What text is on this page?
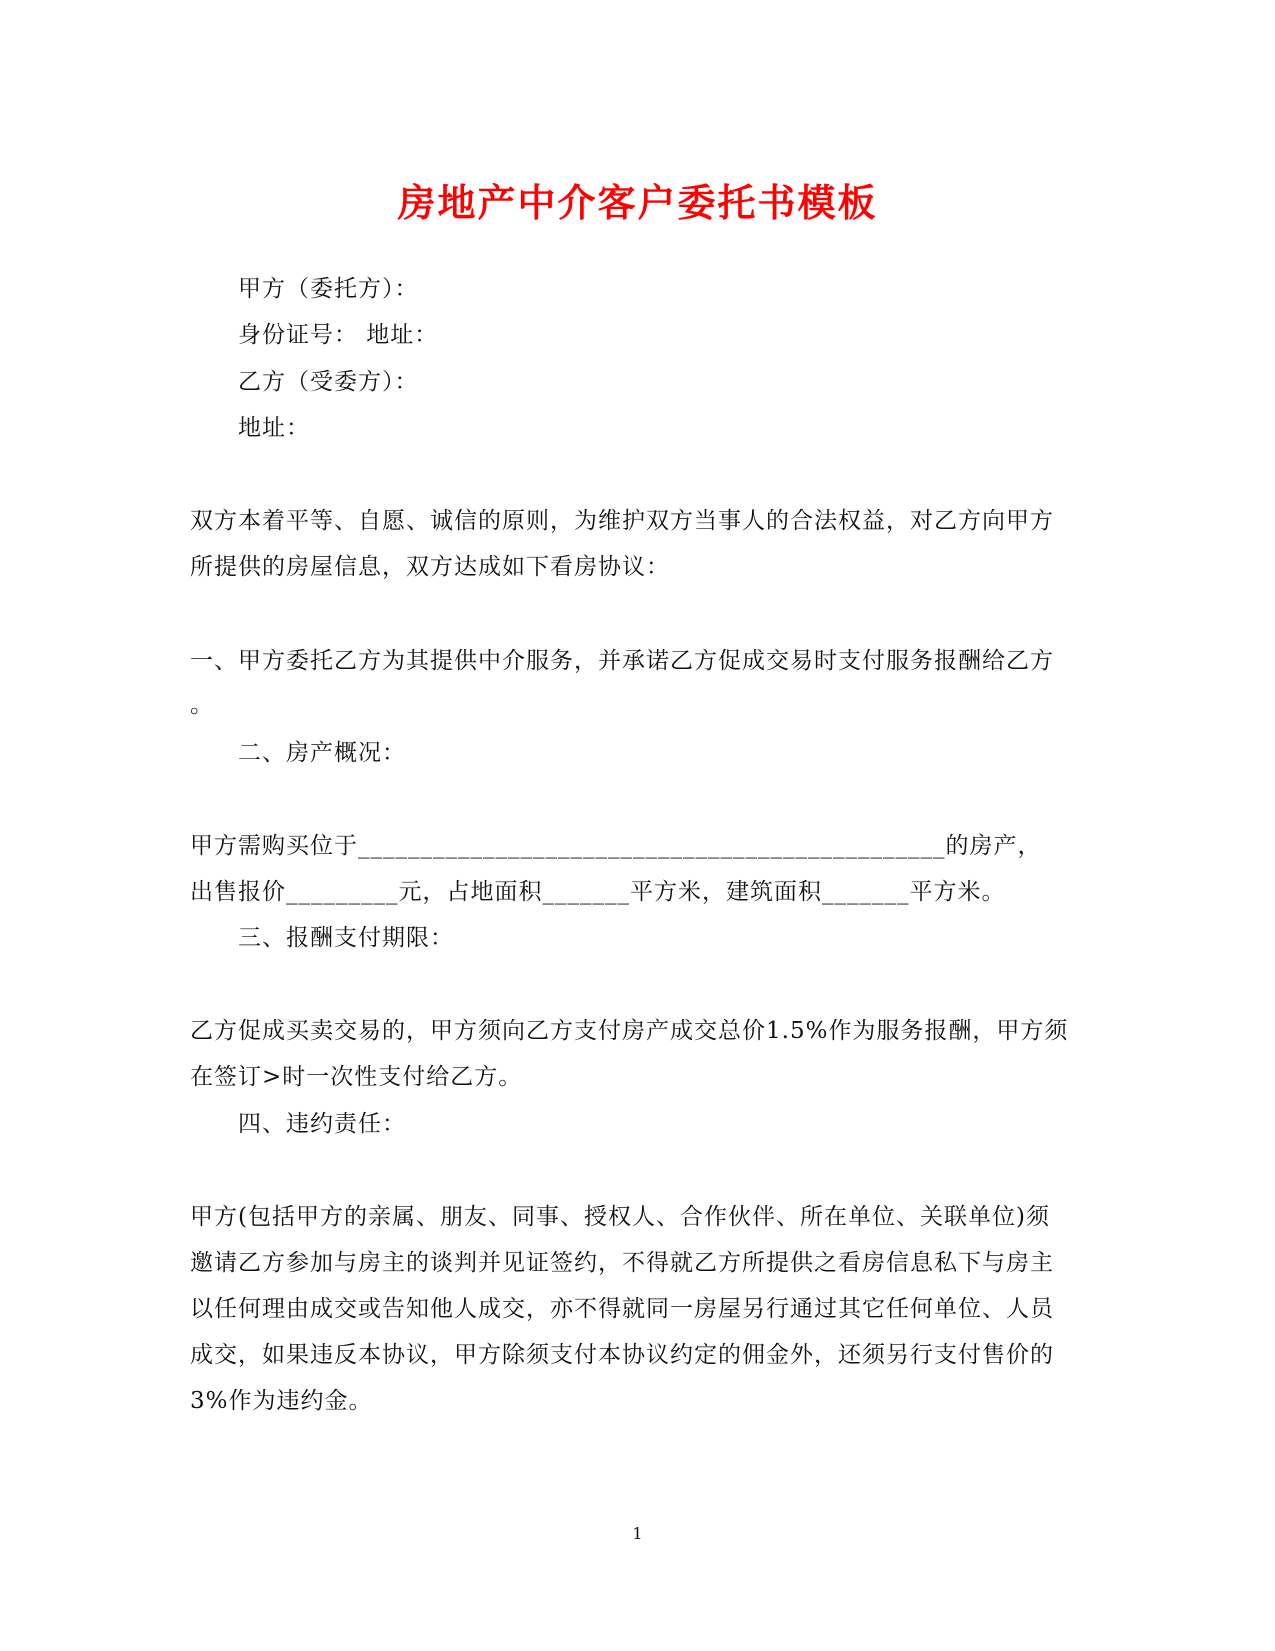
房地产中介客户委托书模板
甲方（委托方）：
身份证号： 地址：
乙方（受委方）：
地址：
双方本着平等、自愿、诚信的原则，为维护双方当事人的合法权益，对乙方向甲方
所提供的房屋信息，双方达成如下看房协议：
一、甲方委托乙方为其提供中介服务，并承诺乙方促成交易时支付服务报酬给乙方
。
二、房产概况：
甲方需购买位于_______________________________________________的房产，
出售报价_________元，占地面积_______平方米，建筑面积_______平方米。
三、报酬支付期限：
乙方促成买卖交易的，甲方须向乙方支付房产成交总价1.5%作为服务报酬，甲方须
在签订>时一次性支付给乙方。
四、违约责任：
甲方(包括甲方的亲属、朋友、同事、授权人、合作伙伴、所在单位、关联单位)须
邀请乙方参加与房主的谈判并见证签约，不得就乙方所提供之看房信息私下与房主
以任何理由成交或告知他人成交，亦不得就同一房屋另行通过其它任何单位、人员
成交，如果违反本协议，甲方除须支付本协议约定的佣金外，还须另行支付售价的
3%作为违约金。
1
